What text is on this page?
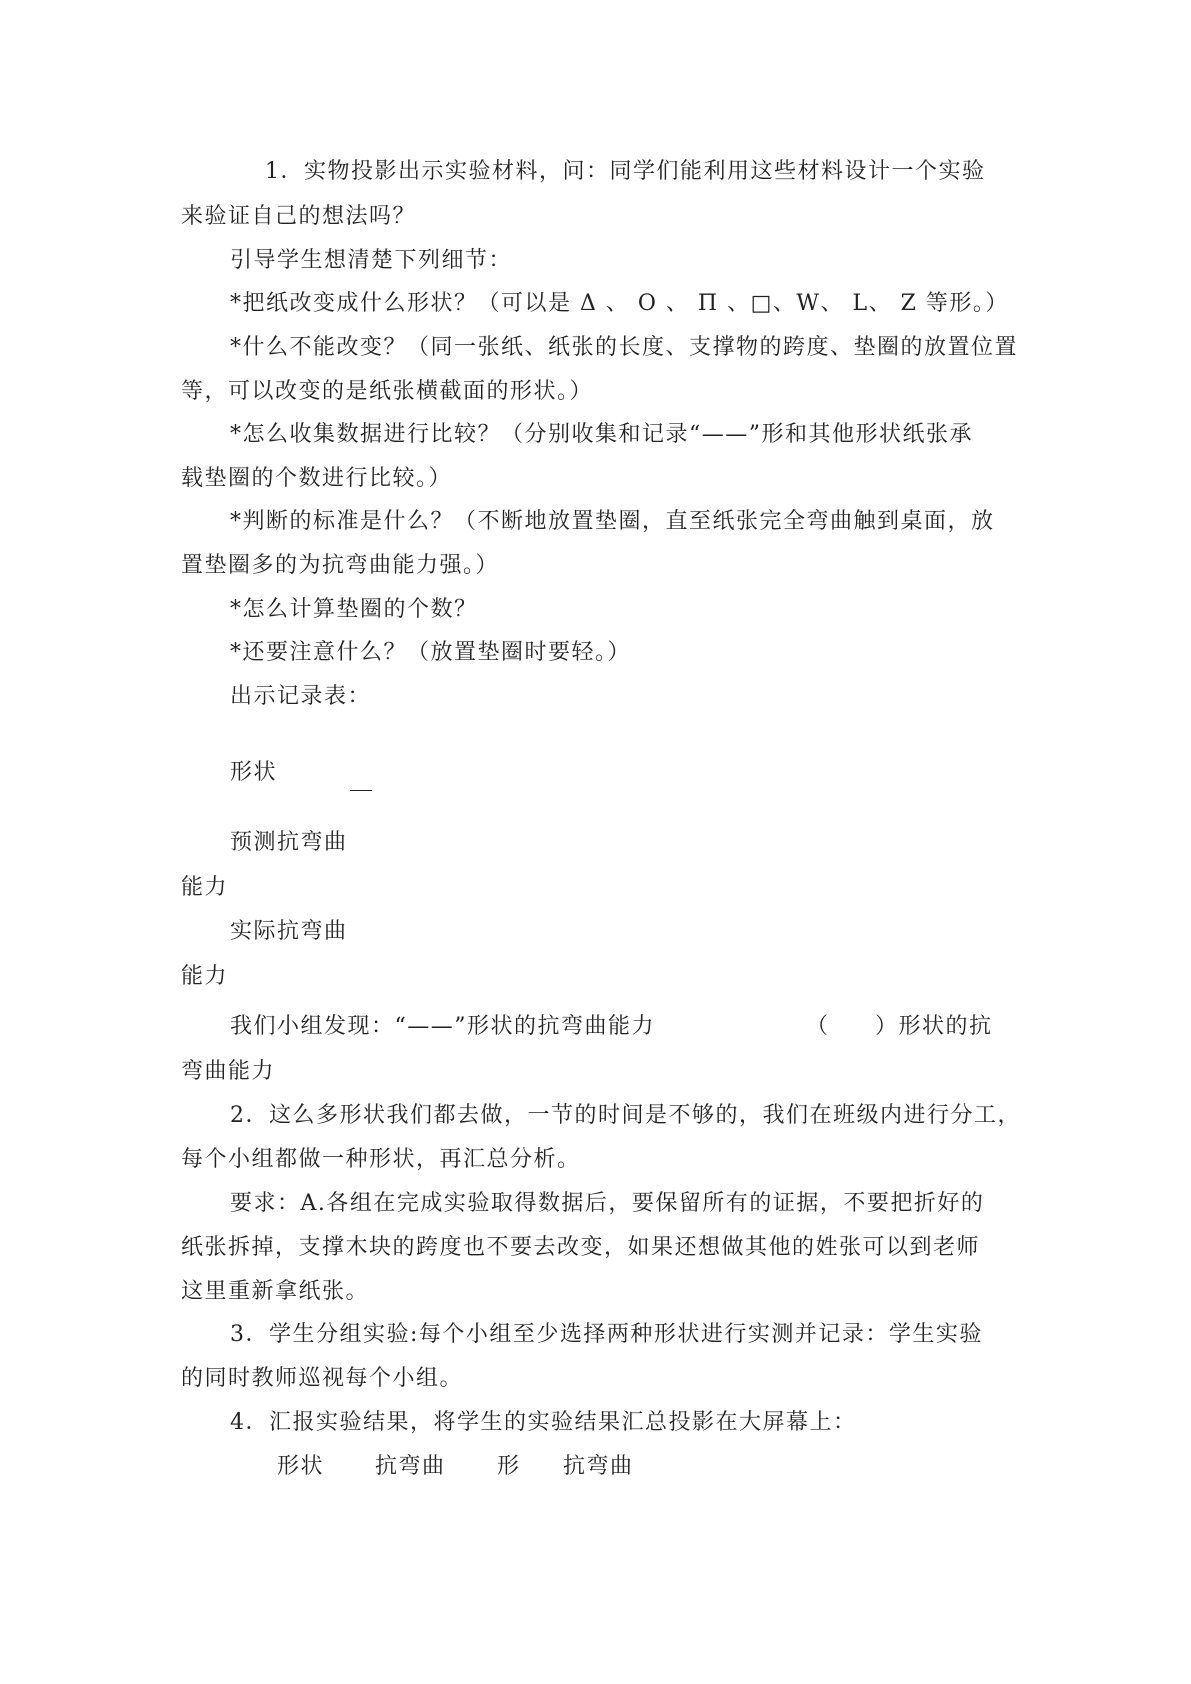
1．实物投影出示实验材料，问：同学们能利用这些材料设计一个实验
来验证自己的想法吗？
引导学生想清楚下列细节：
*把纸改变成什么形状？（可以是 Δ 、 Ο 、 Π 、□、W、 L、 Z 等形。）
*什么不能改变？（同一张纸、纸张的长度、支撑物的跨度、垫圈的放置位置
等，可以改变的是纸张横截面的形状。）
*怎么收集数据进行比较？（分别收集和记录“——”形和其他形状纸张承
载垫圈的个数进行比较。）
*判断的标准是什么？（不断地放置垫圈，直至纸张完全弯曲触到桌面，放
置垫圈多的为抗弯曲能力强。）
*怎么计算垫圈的个数？
*还要注意什么？（放置垫圈时要轻。）
出示记录表：
形状
预测抗弯曲
能力
实际抗弯曲
能力
我们小组发现：“——”形状的抗弯曲能力	（ ）形状的抗
弯曲能力
2．这么多形状我们都去做，一节的时间是不够的，我们在班级内进行分工，
每个小组都做一种形状，再汇总分析。
要求：A.各组在完成实验取得数据后，要保留所有的证据，不要把折好的
纸张拆掉，支撑木块的跨度也不要去改变，如果还想做其他的姓张可以到老师
这里重新拿纸张。
3．学生分组实验:每个小组至少选择两种形状进行实测并记录：学生实验
的同时教师巡视每个小组。
4．汇报实验结果，将学生的实验结果汇总投影在大屏幕上：
形状 抗弯曲 形 抗弯曲
